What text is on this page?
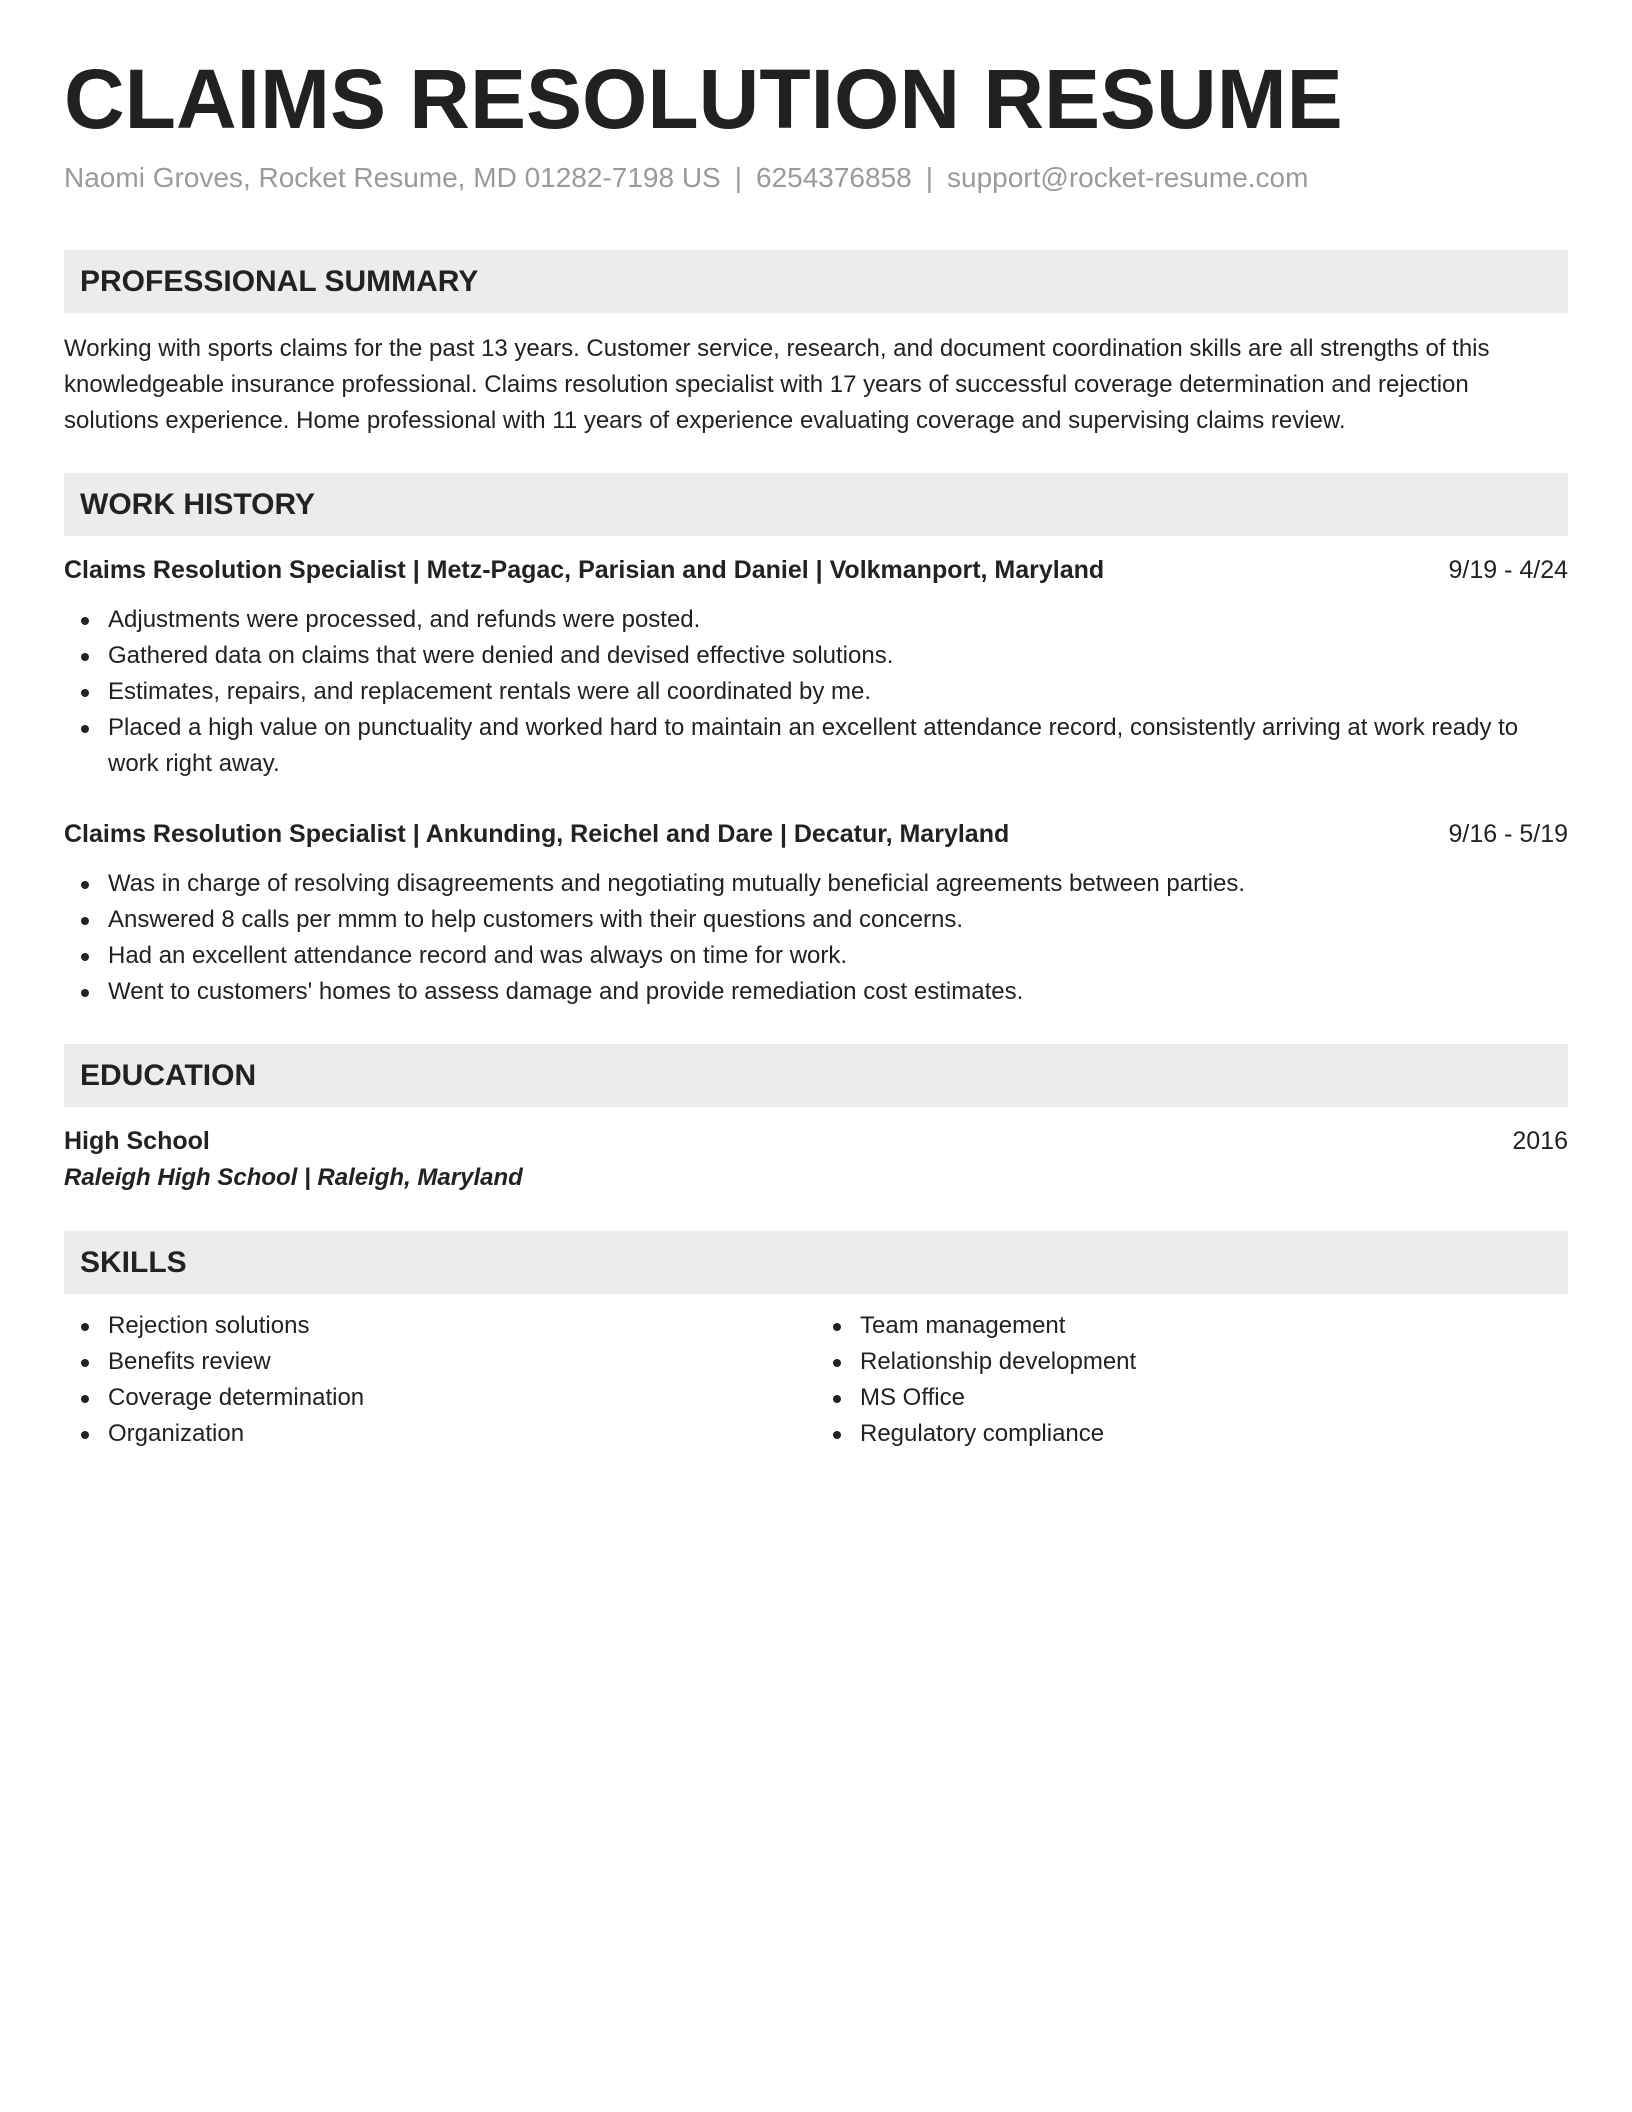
CLAIMS RESOLUTION RESUME
Naomi Groves, Rocket Resume, MD 01282-7198 US | 6254376858 | support@rocket-resume.com
PROFESSIONAL SUMMARY

Working with sports claims for the past 13 years. Customer service, research, and document coordination skills are all strengths of this knowledgeable insurance professional. Claims resolution specialist with 17 years of successful coverage determination and rejection solutions experience. Home professional with 11 years of experience evaluating coverage and supervising claims review.

WORK HISTORY
Claims Resolution Specialist | Metz-Pagac, Parisian and Daniel | Volkmanport, Maryland	9/19 - 4/24
Adjustments were processed, and refunds were posted.
Gathered data on claims that were denied and devised effective solutions.
Estimates, repairs, and replacement rentals were all coordinated by me.
Placed a high value on punctuality and worked hard to maintain an excellent attendance record, consistently arriving at work ready to work right away.
Claims Resolution Specialist | Ankunding, Reichel and Dare | Decatur, Maryland	9/16 - 5/19
Was in charge of resolving disagreements and negotiating mutually beneficial agreements between parties.
Answered 8 calls per mmm to help customers with their questions and concerns.
Had an excellent attendance record and was always on time for work.
Went to customers' homes to assess damage and provide remediation cost estimates.
EDUCATION
High School	2016
Raleigh High School | Raleigh, Maryland
SKILLS
Rejection solutions
Benefits review
Coverage determination
Organization
Team management
Relationship development
MS Office
Regulatory compliance
